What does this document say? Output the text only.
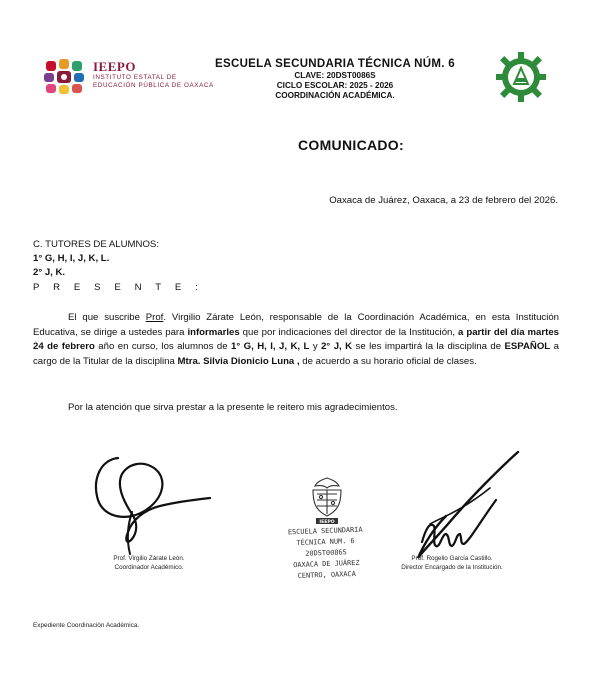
IEEPO
INSTITUTO ESTATAL DE
EDUCACIÓN PÚBLICA DE OAXACA
ESCUELA SECUNDARIA TÉCNICA NÚM. 6
CLAVE: 20DST0086S
CICLO ESCOLAR: 2025 - 2026
COORDINACIÓN ACADÉMICA.
COMUNICADO:
Oaxaca de Juárez, Oaxaca, a 23 de febrero del 2026.
C. TUTORES DE ALUMNOS:
1° G, H, I, J, K, L.
2° J, K.
P R E S E N T E :
El que suscribe Prof. Virgilio Zárate León, responsable de la Coordinación Académica, en esta Institución Educativa, se dirige a ustedes para informarles que por indicaciones del director de la Institución, a partir del día martes 24 de febrero año en curso, los alumnos de 1° G, H, I, J, K, L y 2° J, K se les impartirá la la disciplina de ESPAÑOL a cargo de la Titular de la disciplina Mtra. Silvia Dionicio Luna , de acuerdo a su horario oficial de clases.
Por la atención que sirva prestar a la presente le reitero mis agradecimientos.
Prof. Virgilio Zárate León.
Coordinador Académico.
IEEPO
ESCUELA SECUNDARIA
TÉCNICA NUM. 6
20DST0086S
OAXACA DE JUÁREZ
CENTRO, OAXACA
Prof. Rogelio García Castillo.
Director Encargado de la Institución.
Expediente Coordinación Académica.
